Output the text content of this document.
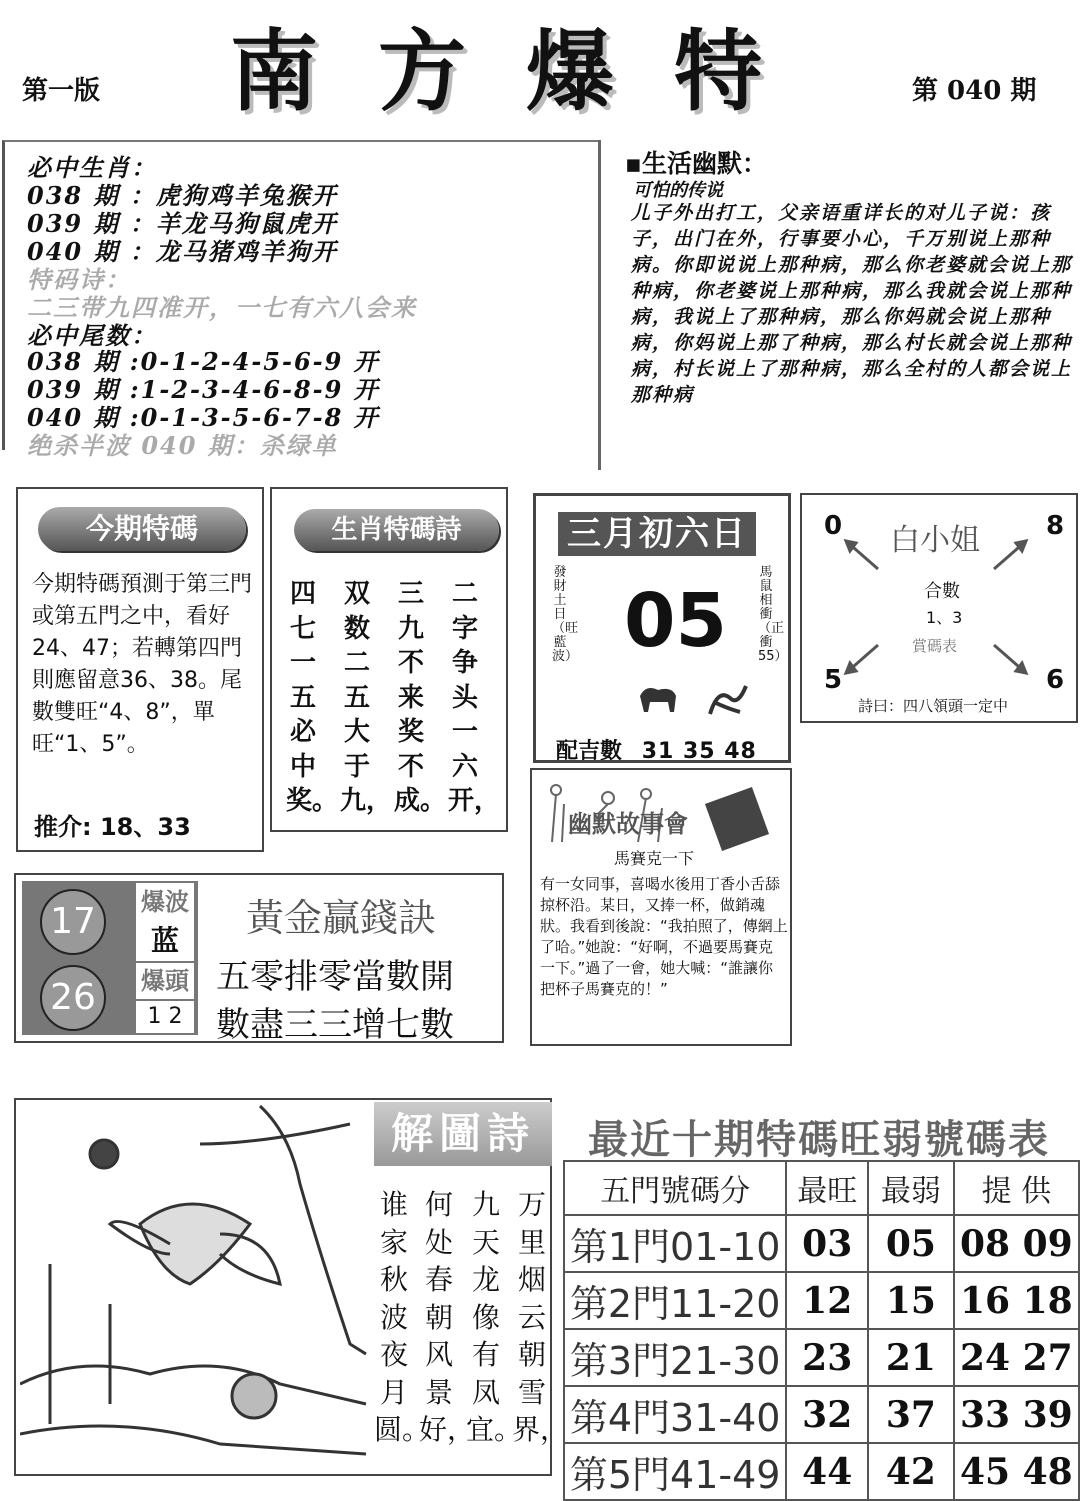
第一版 南方爆特	第 040 期
必中生肖：
038 期 ：虎狗鸡羊兔猴开
039 期 ：羊龙马狗鼠虎开
040 期 ：龙马猪鸡羊狗开
特码诗：
二三带九四准开，一七有六八会来
必中尾数：
038 期 :0-1-2-4-5-6-9 开
039 期 :1-2-3-4-6-8-9 开
040 期 :0-1-3-5-6-7-8 开
绝杀半波 040 期：杀绿单
▪生活幽默：
可怕的传说
儿子外出打工，父亲语重详长的对儿子说：孩子，出门在外，行事要小心，千万别说上那种病。你即说说上那种病，那么你老婆就会说上那种病，你老婆说上那种病，那么我就会说上那种病，我说上了那种病，那么你妈就会说上那种病，你妈说上那了种病，那么村长就会说上那种病，村长说上了那种病，那么全村的人都会说上那种病
今期特碼
今期特碼預測于第三門或第五門之中，看好24、47；若轉第四門則應留意36、38。尾數雙旺“4、8”，單旺“1、5”。
推介: 18、33
生肖特碼詩
四七一五必中奖。
双数二五大于九，
三九不来奖不成。
二字争头一六开，
三月初六日
發財土日（旺藍波） 05
馬鼠相衝（正衝55）
配吉數 31 35 48
0	8
5	6
白小姐
合數
1、3
賞碼表
詩曰：四八領頭一定中
17
26
爆波
蓝
爆頭
1 2
黃金贏錢訣
五零排零當數開
數盡三三增七數
幽默故事會
馬賽克一下
有一女同事，喜喝水後用丁香小舌舔掠杯沿。某日，又捧一杯，做銷魂狀。我看到後說：“我拍照了，傳網上了哈。”她說：“好啊，不過要馬賽克一下。”過了一會，她大喊：“誰讓你把杯子馬賽克的！”
解圖詩
谁家秋波夜月圆。
何处春朝风景好，
九天龙像有凤宜。
万里烟云朝雪界，
最近十期特碼旺弱號碼表
五門號碼分	最旺	最弱	提 供
第1門01-10	03	05	08 09
第2門11-20	12	15	16 18
第3門21-30	23	21	24 27
第4門31-40	32	37	33 39
第5門41-49	44	42	45 48
